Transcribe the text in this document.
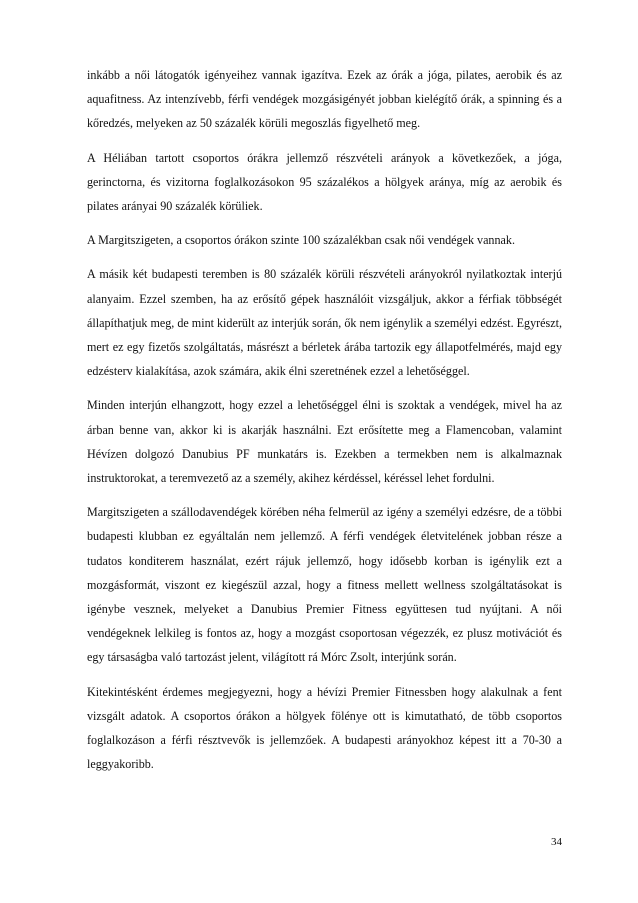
inkább a női látogatók igényeihez vannak igazítva. Ezek az órák a jóga, pilates, aerobik és az aquafitness. Az intenzívebb, férfi vendégek mozgásigényét jobban kielégítő órák, a spinning és a kőredzés, melyeken az 50 százalék körüli megoszlás figyelhető meg.

A Héliában tartott csoportos órákra jellemző részvételi arányok a következőek, a jóga, gerinctorna, és vizitorna foglalkozásokon 95 százalékos a hölgyek aránya, míg az aerobik és pilates arányai 90 százalék körüliek.

A Margitszigeten, a csoportos órákon szinte 100 százalékban csak női vendégek vannak.

A másik két budapesti teremben is 80 százalék körüli részvételi arányokról nyilatkoztak interjú alanyaim. Ezzel szemben, ha az erősítő gépek használóit vizsgáljuk, akkor a férfiak többségét állapíthatjuk meg, de mint kiderült az interjúk során, ők nem igénylik a személyi edzést. Egyrészt, mert ez egy fizetős szolgáltatás, másrészt a bérletek árába tartozik egy állapotfelmérés, majd egy edzésterv kialakítása, azok számára, akik élni szeretnének ezzel a lehetőséggel.

Minden interjún elhangzott, hogy ezzel a lehetőséggel élni is szoktak a vendégek, mivel ha az árban benne van, akkor ki is akarják használni. Ezt erősítette meg a Flamencoban, valamint Hévízen dolgozó Danubius PF munkatárs is. Ezekben a termekben nem is alkalmaznak instruktorokat, a teremvezető az a személy, akihez kérdéssel, kéréssel lehet fordulni.

Margitszigeten a szállodavendégek körében néha felmerül az igény a személyi edzésre, de a többi budapesti klubban ez egyáltalán nem jellemző. A férfi vendégek életvitelének jobban része a tudatos konditerem használat, ezért rájuk jellemző, hogy idősebb korban is igénylik ezt a mozgásformát, viszont ez kiegészül azzal, hogy a fitness mellett wellness szolgáltatásokat is igénybe vesznek, melyeket a Danubius Premier Fitness együttesen tud nyújtani. A női vendégeknek lelkileg is fontos az, hogy a mozgást csoportosan végezzék, ez plusz motivációt és egy társaságba való tartozást jelent, világított rá Mórc Zsolt, interjúnk során.

Kitekintésként érdemes megjegyezni, hogy a hévízi Premier Fitnessben hogy alakulnak a fent vizsgált adatok. A csoportos órákon a hölgyek fölénye ott is kimutatható, de több csoportos foglalkozáson a férfi résztvevők is jellemzőek. A budapesti arányokhoz képest itt a 70-30 a leggyakoribb.

34
